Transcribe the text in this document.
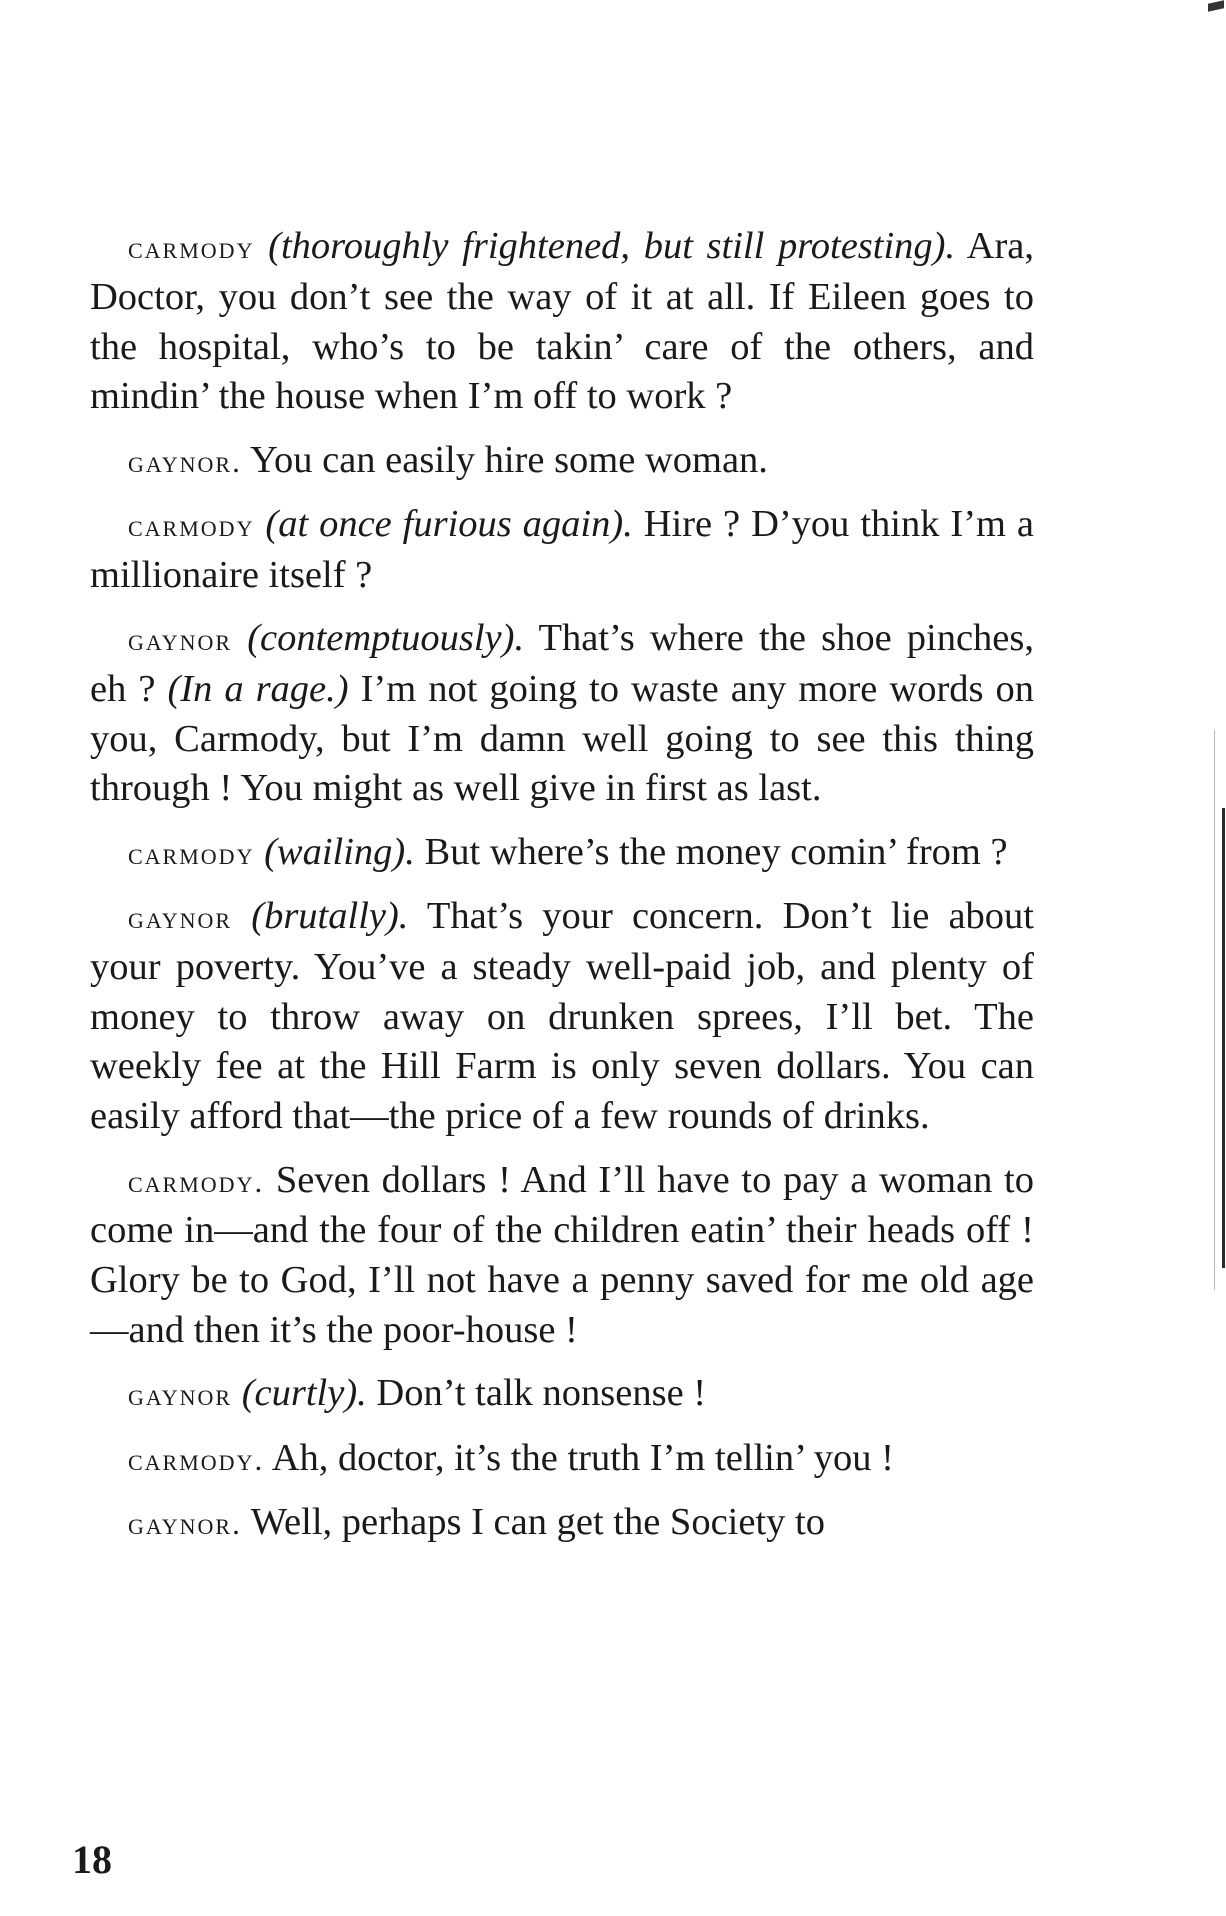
carmody (thoroughly frightened, but still protesting). Ara, Doctor, you don’t see the way of it at all. If Eileen goes to the hospital, who’s to be takin’ care of the others, and mindin’ the house when I’m off to work ?

gaynor. You can easily hire some woman.

carmody (at once furious again). Hire ? D’you think I’m a millionaire itself ?

gaynor (contemptuously). That’s where the shoe pinches, eh ? (In a rage.) I’m not going to waste any more words on you, Carmody, but I’m damn well going to see this thing through ! You might as well give in first as last.

carmody (wailing). But where’s the money comin’ from ?

gaynor (brutally). That’s your concern. Don’t lie about your poverty. You’ve a steady well-paid job, and plenty of money to throw away on drunken sprees, I’ll bet. The weekly fee at the Hill Farm is only seven dollars. You can easily afford that—the price of a few rounds of drinks.

carmody. Seven dollars ! And I’ll have to pay a woman to come in—and the four of the children eatin’ their heads off ! Glory be to God, I’ll not have a penny saved for me old age—and then it’s the poor-house !

gaynor (curtly). Don’t talk nonsense !

carmody. Ah, doctor, it’s the truth I’m tellin’ you !

gaynor. Well, perhaps I can get the Society to

18
